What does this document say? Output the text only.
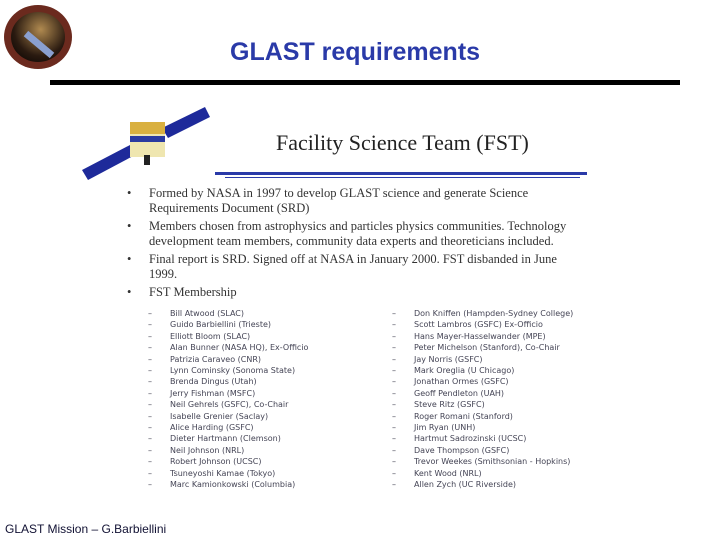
GLAST requirements
Facility Science Team (FST)
• Formed by NASA in 1997 to develop GLAST science and generate Science Requirements Document (SRD)
• Members chosen from astrophysics and particles physics communities. Technology development team members, community data experts and theoreticians included.
• Final report is SRD. Signed off at NASA in January 2000. FST disbanded in June 1999.
• FST Membership
– Bill Atwood (SLAC)
– Guido Barbiellini (Trieste)
– Elliott Bloom (SLAC)
– Alan Bunner (NASA HQ), Ex-Officio
– Patrizia Caraveo (CNR)
– Lynn Cominsky (Sonoma State)
– Brenda Dingus (Utah)
– Jerry Fishman (MSFC)
– Neil Gehrels (GSFC), Co-Chair
– Isabelle Grenier (Saclay)
– Alice Harding (GSFC)
– Dieter Hartmann (Clemson)
– Neil Johnson (NRL)
– Robert Johnson (UCSC)
– Tsuneyoshi Kamae (Tokyo)
– Marc Kamionkowski (Columbia)
– Don Kniffen (Hampden-Sydney College)
– Scott Lambros (GSFC) Ex-Officio
– Hans Mayer-Hasselwander (MPE)
– Peter Michelson (Stanford), Co-Chair
– Jay Norris (GSFC)
– Mark Oreglia (U Chicago)
– Jonathan Ormes (GSFC)
– Geoff Pendleton (UAH)
– Steve Ritz (GSFC)
– Roger Romani (Stanford)
– Jim Ryan (UNH)
– Hartmut Sadrozinski (UCSC)
– Dave Thompson (GSFC)
– Trevor Weekes (Smithsonian - Hopkins)
– Kent Wood (NRL)
– Allen Zych (UC Riverside)
GLAST Mission – G.Barbiellini
